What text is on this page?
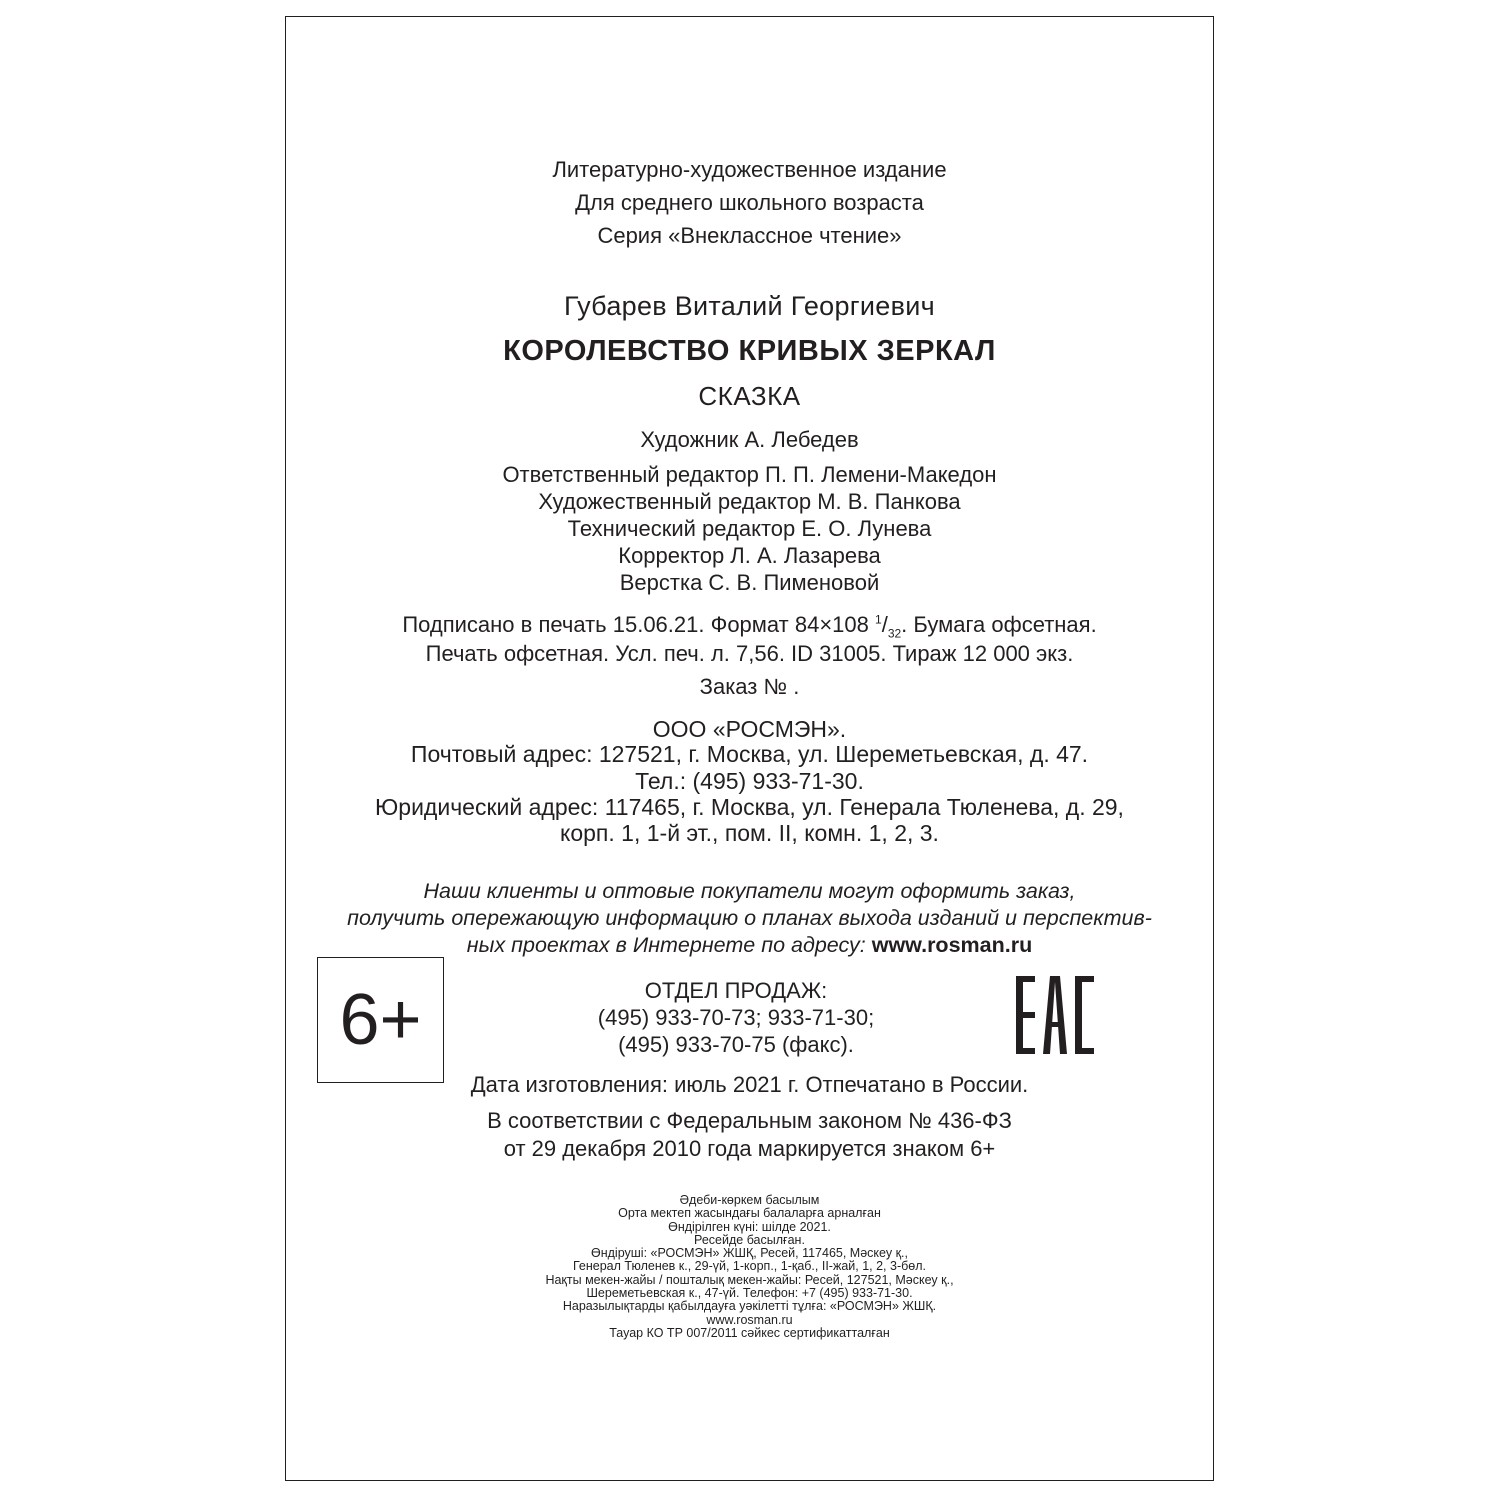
Литературно-художественное издание
Для среднего школьного возраста
Серия «Внеклассное чтение»
Губарев Виталий Георгиевич
КОРОЛЕВСТВО КРИВЫХ ЗЕРКАЛ
СКАЗКА
Художник А. Лебедев
Ответственный редактор П. П. Лемени-Македон
Художественный редактор М. В. Панкова
Технический редактор Е. О. Лунева
Корректор Л. А. Лазарева
Верстка С. В. Пименовой
Подписано в печать 15.06.21. Формат 84×108 $^1/_{32}$. Бумага офсетная.
Печать офсетная. Усл. печ. л. 7,56. ID 31005. Тираж 12 000 экз.
Заказ № .
ООО «РОСМЭН».
Почтовый адрес: 127521, г. Москва, ул. Шереметьевская, д. 47.
Тел.: (495) 933-71-30.
Юридический адрес: 117465, г. Москва, ул. Генерала Тюленева, д. 29,
корп. 1, 1-й эт., пом. II, комн. 1, 2, 3.
Наши клиенты и оптовые покупатели могут оформить заказ,
получить опережающую информацию о планах выхода изданий и перспектив-
ных проектах в Интернете по адресу: www.rosman.ru
6+	ОТДЕЛ ПРОДАЖ:
(495) 933-70-73; 933-71-30;
(495) 933-70-75 (факс).
Дата изготовления: июль 2021 г. Отпечатано в России.
В соответствии с Федеральным законом № 436-ФЗ
от 29 декабря 2010 года маркируется знаком 6+
Әдеби-көркем басылым
Орта мектеп жасындағы балаларға арналған
Өндірілген күні: шілде 2021.
Ресейде басылған.
Өндіруші: «РОСМЭН» ЖШҚ, Ресей, 117465, Мәскеу қ.,
Генерал Тюленев к., 29-үй, 1-корп., 1-қаб., II-жай, 1, 2, 3-бөл.
Нақты мекен-жайы / пошталық мекен-жайы: Ресей, 127521, Мәскеу қ.,
Шереметьевская к., 47-үй. Телефон: +7 (495) 933-71-30.
Наразылықтарды қабылдауға уәкілетті тұлға: «РОСМЭН» ЖШҚ.
www.rosman.ru
Тауар КО ТР 007/2011 сәйкес сертификатталған
